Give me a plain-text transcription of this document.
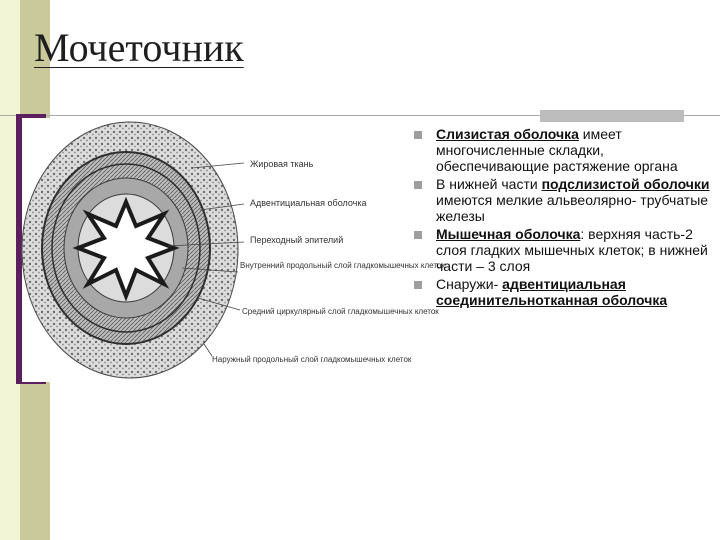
Мочеточник
Жировая ткань
Адвентициальная оболочка
Переходный эпителий
Внутренний продольный слой гладкомышечных клеток
Средний циркулярный слой гладкомышечных клеток
Наружный продольный слой гладкомышечных клеток
Слизистая оболочка имеет многочисленные складки, обеспечивающие растяжение органа
В нижней части подслизистой оболочки имеются мелкие альвеолярно- трубчатые железы
Мышечная оболочка: верхняя часть-2 слоя гладких мышечных клеток; в нижней части – 3 слоя
Снаружи- адвентициальная соединительнотканная оболочка
